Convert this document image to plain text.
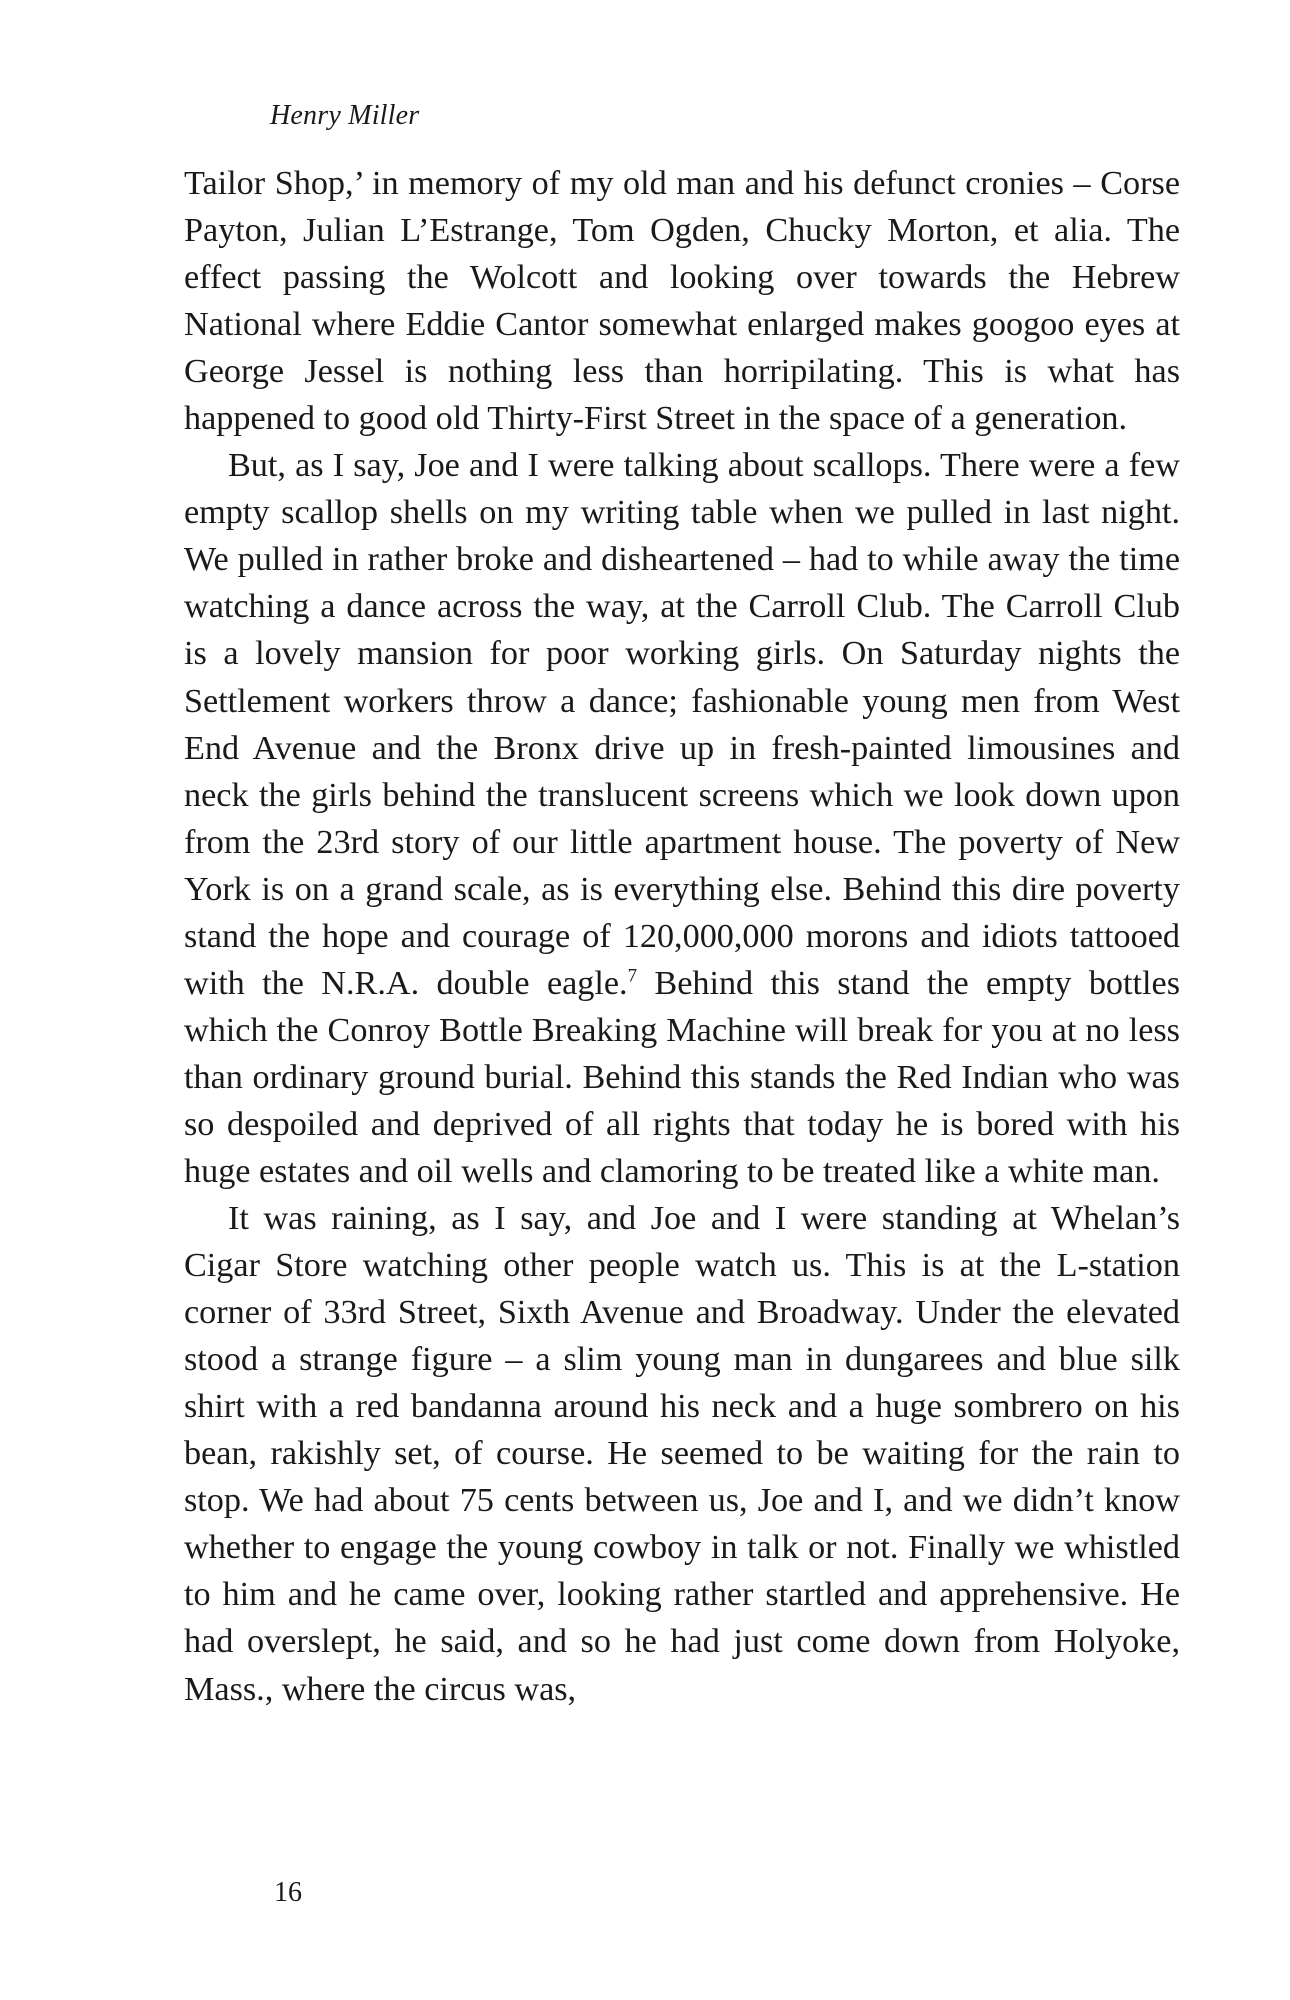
Henry Miller

Tailor Shop,’ in memory of my old man and his defunct cronies – Corse Payton, Julian L’Estrange, Tom Ogden, Chucky Morton, et alia. The effect passing the Wolcott and looking over towards the Hebrew National where Eddie Cantor somewhat enlarged makes googoo eyes at George Jessel is nothing less than horripilating. This is what has happened to good old Thirty-First Street in the space of a generation.

But, as I say, Joe and I were talking about scallops. There were a few empty scallop shells on my writing table when we pulled in last night. We pulled in rather broke and disheartened – had to while away the time watching a dance across the way, at the Carroll Club. The Carroll Club is a lovely mansion for poor working girls. On Saturday nights the Settlement workers throw a dance; fashionable young men from West End Avenue and the Bronx drive up in fresh-painted limousines and neck the girls behind the translucent screens which we look down upon from the 23rd story of our little apartment house. The poverty of New York is on a grand scale, as is everything else. Behind this dire poverty stand the hope and courage of 120,000,000 morons and idiots tattooed with the N.R.A. double eagle.$^7$ Behind this stand the empty bottles which the Conroy Bottle Breaking Machine will break for you at no less than ordinary ground burial. Behind this stands the Red Indian who was so despoiled and deprived of all rights that today he is bored with his huge estates and oil wells and clamoring to be treated like a white man.

It was raining, as I say, and Joe and I were standing at Whelan’s Cigar Store watching other people watch us. This is at the L-station corner of 33rd Street, Sixth Avenue and Broadway. Under the elevated stood a strange figure – a slim young man in dungarees and blue silk shirt with a red bandanna around his neck and a huge sombrero on his bean, rakishly set, of course. He seemed to be waiting for the rain to stop. We had about 75 cents between us, Joe and I, and we didn’t know whether to engage the young cowboy in talk or not. Finally we whistled to him and he came over, looking rather startled and apprehensive. He had overslept, he said, and so he had just come down from Holyoke, Mass., where the circus was,

16
